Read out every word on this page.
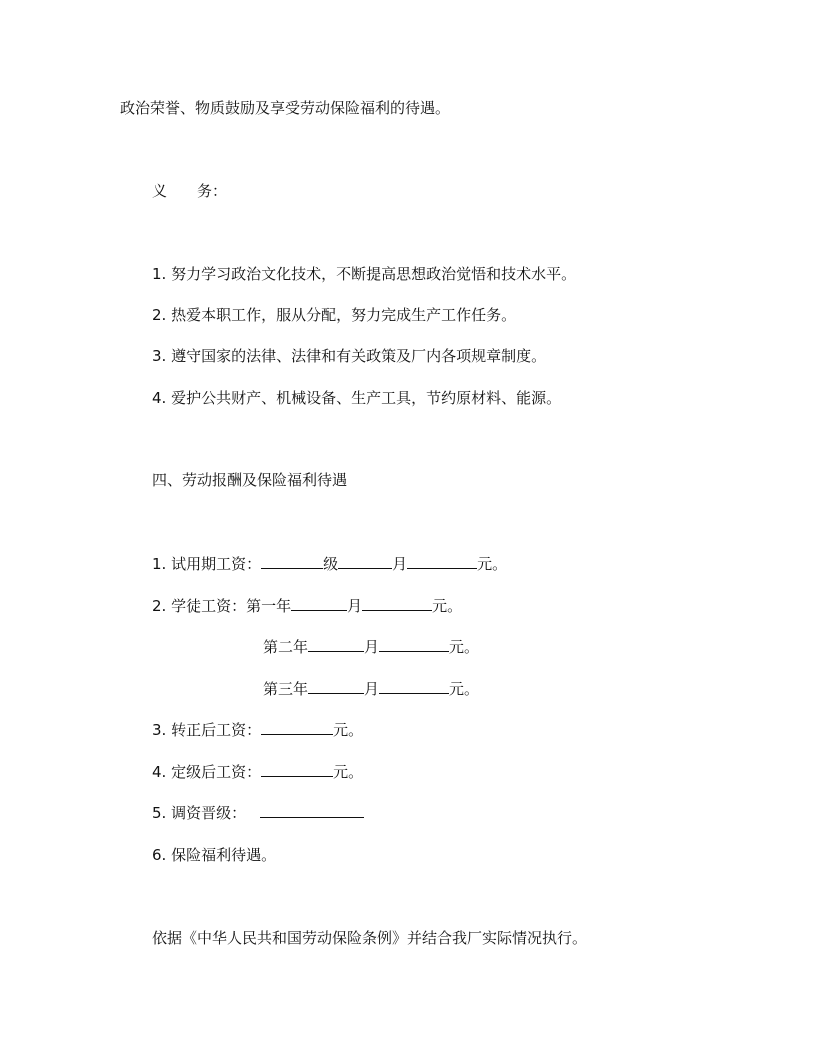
政治荣誉、物质鼓励及享受劳动保险福利的待遇。
义 务：
1. 努力学习政治文化技术，不断提高思想政治觉悟和技术水平。
2. 热爱本职工作，服从分配，努力完成生产工作任务。
3. 遵守国家的法律、法律和有关政策及厂内各项规章制度。
4. 爱护公共财产、机械设备、生产工具，节约原材料、能源。
四、劳动报酬及保险福利待遇
1. 试用期工资：	级	月	元。
2. 学徒工资：第一年	月	元。
第二年	月	元。
第三年	月	元。
3. 转正后工资：	元。
4. 定级后工资：	元。
5. 调资晋级：
6. 保险福利待遇。
依据《中华人民共和国劳动保险条例》并结合我厂实际情况执行。
